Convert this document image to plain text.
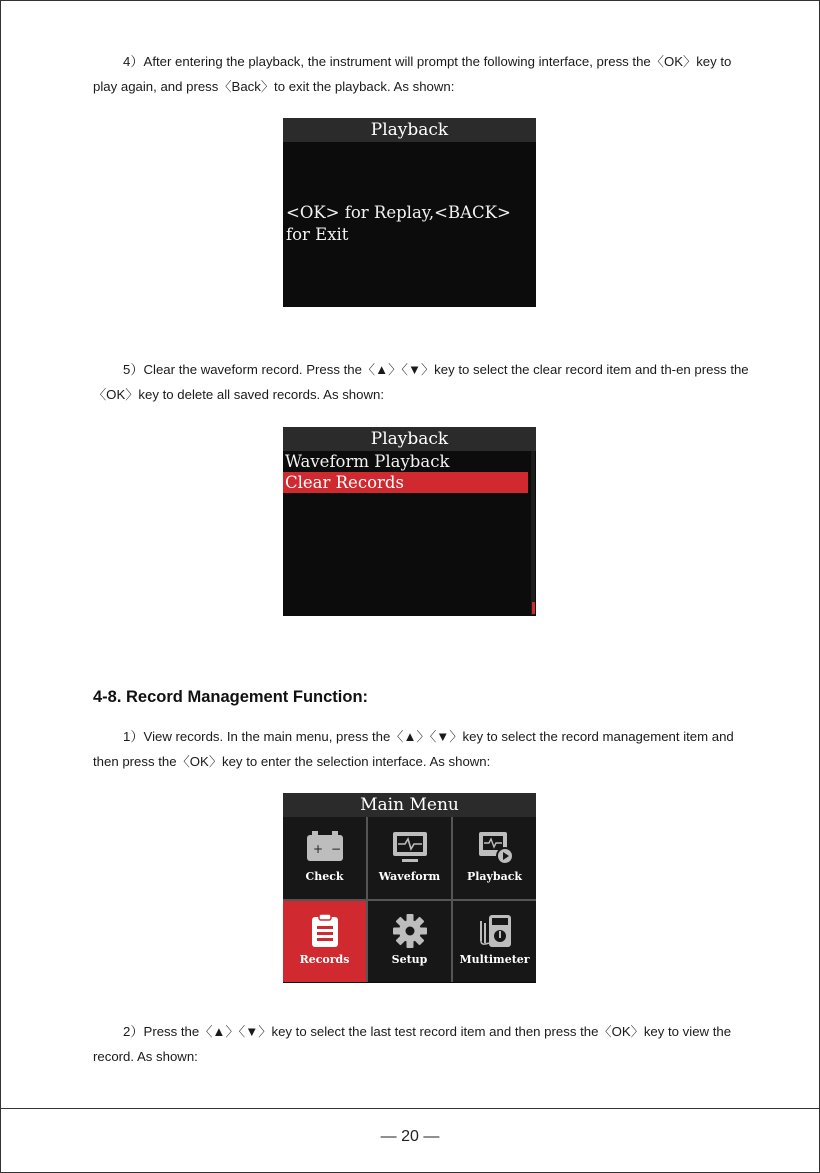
4）After entering the playback, the instrument will prompt the following interface, press the〈OK〉key to play again, and press〈Back〉to exit the playback. As shown:

Playback
<OK> for Replay,<BACK> for Exit

5）Clear the waveform record. Press the〈▲〉〈▼〉key to select the clear record item and th-en press the〈OK〉key to delete all saved records. As shown:

Playback
Waveform Playback
Clear Records
4-8. Record Management Function:

1）View records. In the main menu, press the〈▲〉〈▼〉key to select the record management item and then press the〈OK〉key to enter the selection interface. As shown:

Main Menu
+ −
Check	Waveform	Playback
Records	Setup	Multimeter

2）Press the〈▲〉〈▼〉key to select the last test record item and then press the〈OK〉key to view the record. As shown:

— 20 —
